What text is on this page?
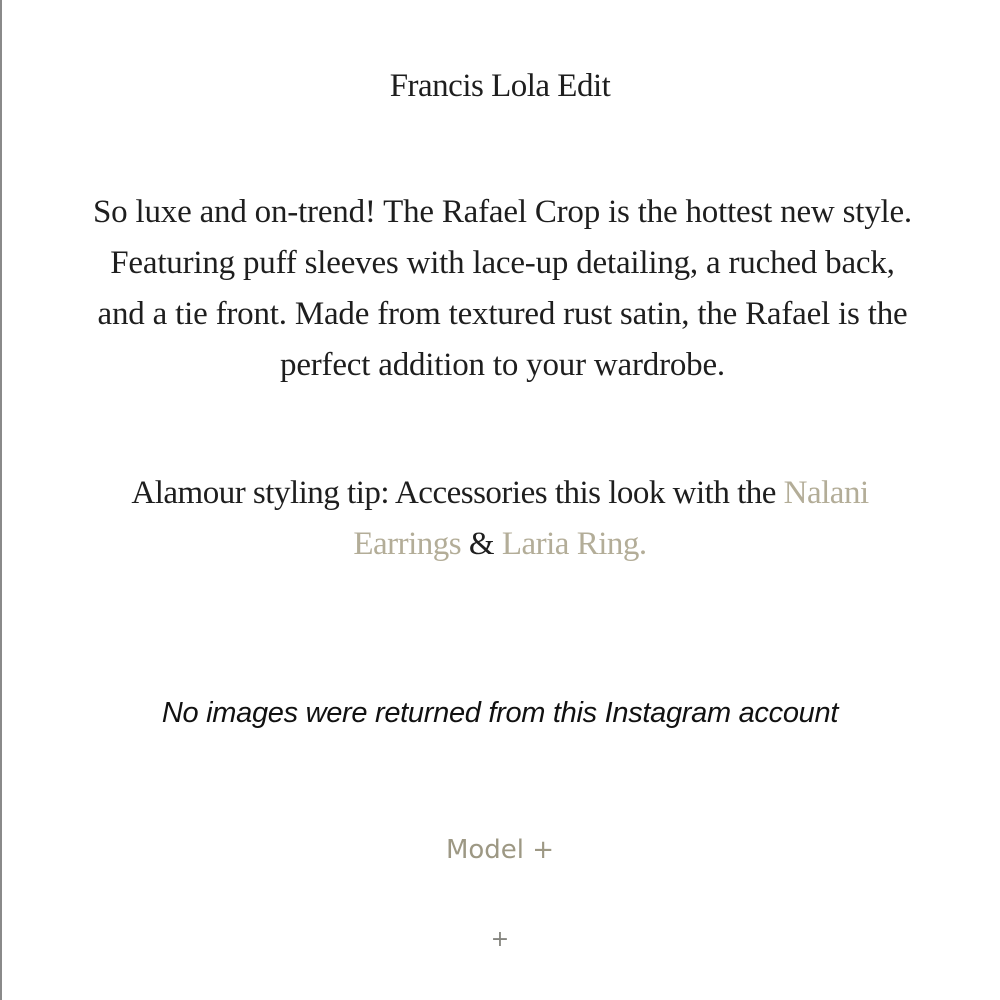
Francis Lola Edit
So luxe and on-trend! The Rafael Crop is the hottest new style.
Featuring puff sleeves with lace-up detailing, a ruched back,
and a tie front. Made from textured rust satin, the Rafael is the
perfect addition to your wardrobe.
Alamour styling tip: Accessories this look with the Nalani
Earrings & Laria Ring.
No images were returned from this Instagram account
Model +
+
